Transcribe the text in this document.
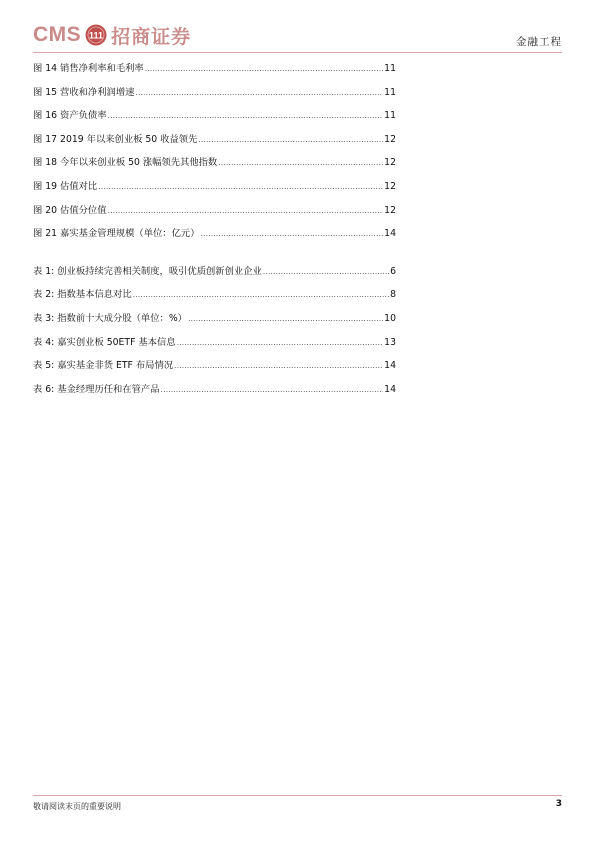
CMS 111 招商证券	金融工程
图 14 销售净利率和毛利率 .....	11
图 15 营收和净利润增速 .....	11
图 16 资产负债率 .....	11
图 17 2019 年以来创业板 50 收益领先 .....	12
图 18 今年以来创业板 50 涨幅领先其他指数 .....	12
图 19 估值对比 .....	12
图 20 估值分位值 .....	12
图 21 嘉实基金管理规模（单位：亿元） .....	14
表 1: 创业板持续完善相关制度，吸引优质创新创业企业 .....	6
表 2: 指数基本信息对比 .....	8
表 3: 指数前十大成分股（单位：%） .....	10
表 4: 嘉实创业板 50ETF 基本信息 .....	13
表 5: 嘉实基金非货 ETF 布局情况 .....	14
表 6: 基金经理历任和在管产品 .....	14
敬请阅读末页的重要说明	3
